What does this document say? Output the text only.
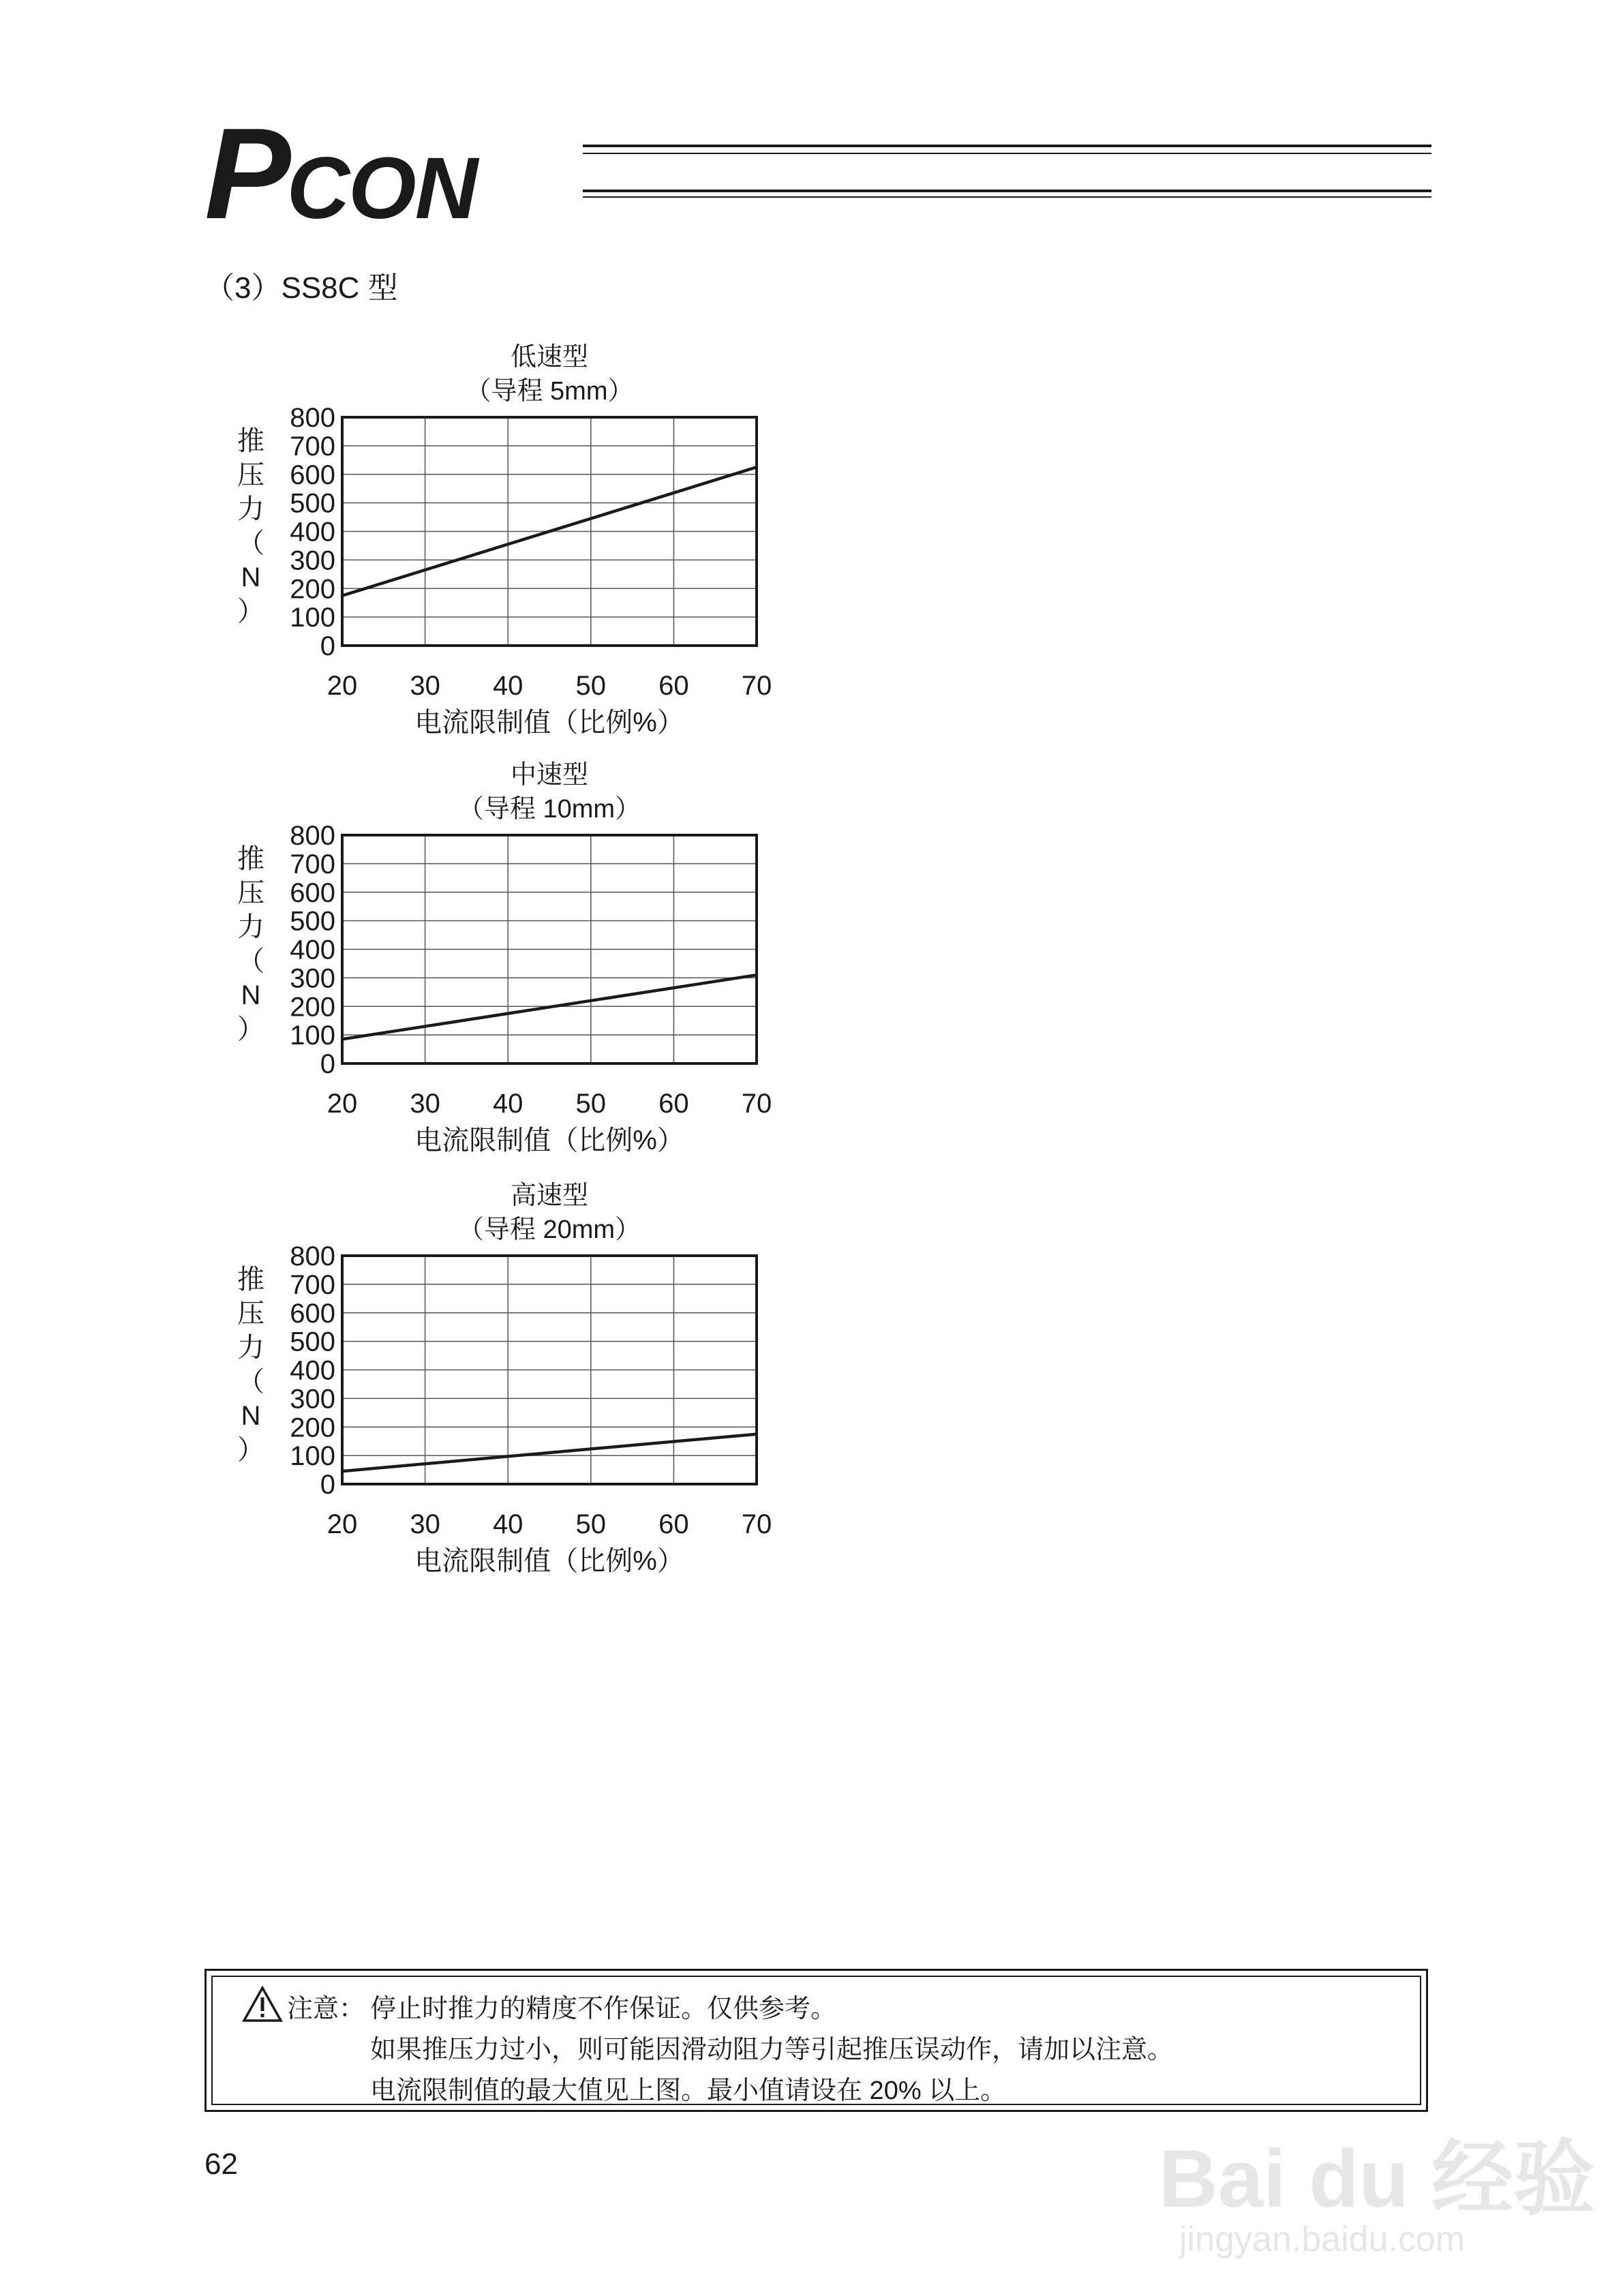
PCON
（3）SS8C 型
低速型
（导程 5mm）
0
100
200
300
400
500
600
700
800
20 30 40 50 60 70
电流限制值（比例%）
推
压
力
（
N
）
中速型
（导程 10mm）
0
100
200
300
400
500
600
700
800
20 30 40 50 60 70
电流限制值（比例%）
推
压
力
（
N
）
高速型
（导程 20mm）
0
100
200
300
400
500
600
700
800
20 30 40 50 60 70
电流限制值（比例%）
推
压
力
（
N
）
注意： 停止时推力的精度不作保证。仅供参考。
如果推压力过小，则可能因滑动阻力等引起推压误动作，请加以注意。
电流限制值的最大值见上图。最小值请设在 20% 以上。
62	Bai du 经验
jingyan.baidu.com
